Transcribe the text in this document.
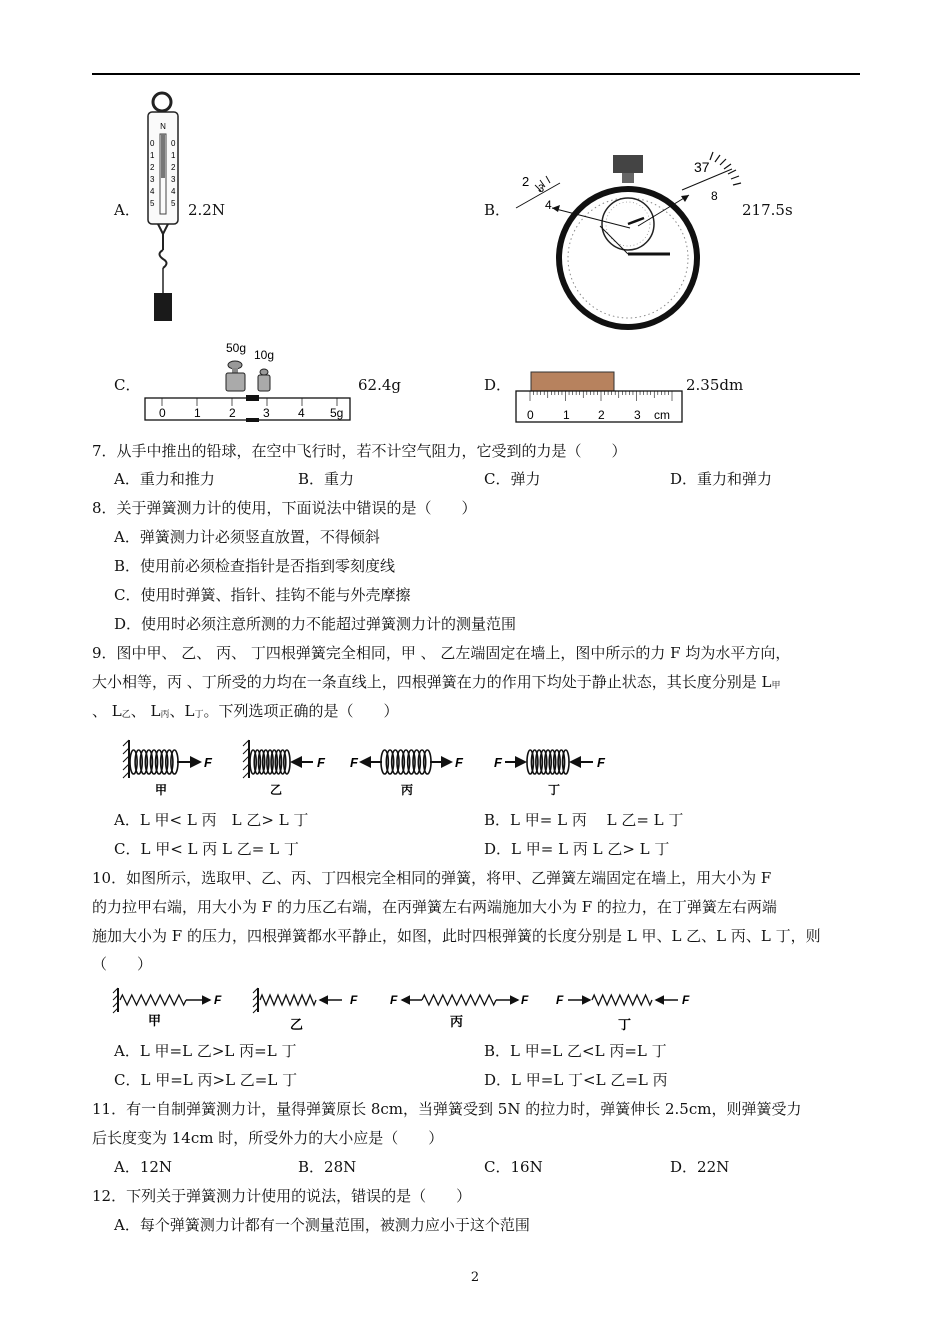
A．
N
0 0
1 1
2 2
3 3
4 4
5 5 2.2N	B．
37
8
2 3
4	217.5s
C．
50g 10g
0 1 2 3 4 5g
62.4g	D．
0 1 2 3 cm
2.35dm
7．从手中推出的铅球，在空中飞行时，若不计空气阻力，它受到的力是（　　）
A．重力和推力	B．重力	C．弹力	D．重力和弹力
8．关于弹簧测力计的使用，下面说法中错误的是（　　）
A．弹簧测力计必须竖直放置，不得倾斜
B．使用前必须检查指针是否指到零刻度线
C．使用时弹簧、指针、挂钩不能与外壳摩擦
D．使用时必须注意所测的力不能超过弹簧测力计的测量范围
9．图中甲、 乙、 丙、 丁四根弹簧完全相同，甲 、 乙左端固定在墙上，图中所示的力 F 均为水平方向，
大小相等，丙 、丁所受的力均在一条直线上，四根弹簧在力的作用下均处于静止状态，其长度分别是 L甲
、 L乙、 L丙、L丁。下列选项正确的是（　　）
F
甲
F
乙
F	F
丙
F	F
丁
A．L 甲< L 丙　L 乙> L 丁	B．L 甲= L 丙　 L 乙= L 丁
C．L 甲< L 丙 L 乙= L 丁	D．L 甲= L 丙 L 乙> L 丁
10．如图所示，选取甲、乙、丙、丁四根完全相同的弹簧，将甲、乙弹簧左端固定在墙上，用大小为 F
的力拉甲右端，用大小为 F 的力压乙右端，在丙弹簧左右两端施加大小为 F 的拉力，在丁弹簧左右两端
施加大小为 F 的压力，四根弹簧都水平静止，如图，此时四根弹簧的长度分别是 L 甲、L 乙、L 丙、L 丁，则
（　　）
F
甲
F
乙
F	F
丙
F	F
丁
A．L 甲=L 乙>L 丙=L 丁	B．L 甲=L 乙<L 丙=L 丁
C．L 甲=L 丙>L 乙=L 丁	D．L 甲=L 丁<L 乙=L 丙
11．有一自制弹簧测力计，量得弹簧原长 8cm，当弹簧受到 5N 的拉力时，弹簧伸长 2.5cm，则弹簧受力
后长度变为 14cm 时，所受外力的大小应是（　　）
A．12N	B．28N	C．16N	D．22N
12．下列关于弹簧测力计使用的说法，错误的是（　　）
A．每个弹簧测力计都有一个测量范围，被测力应小于这个范围
2
